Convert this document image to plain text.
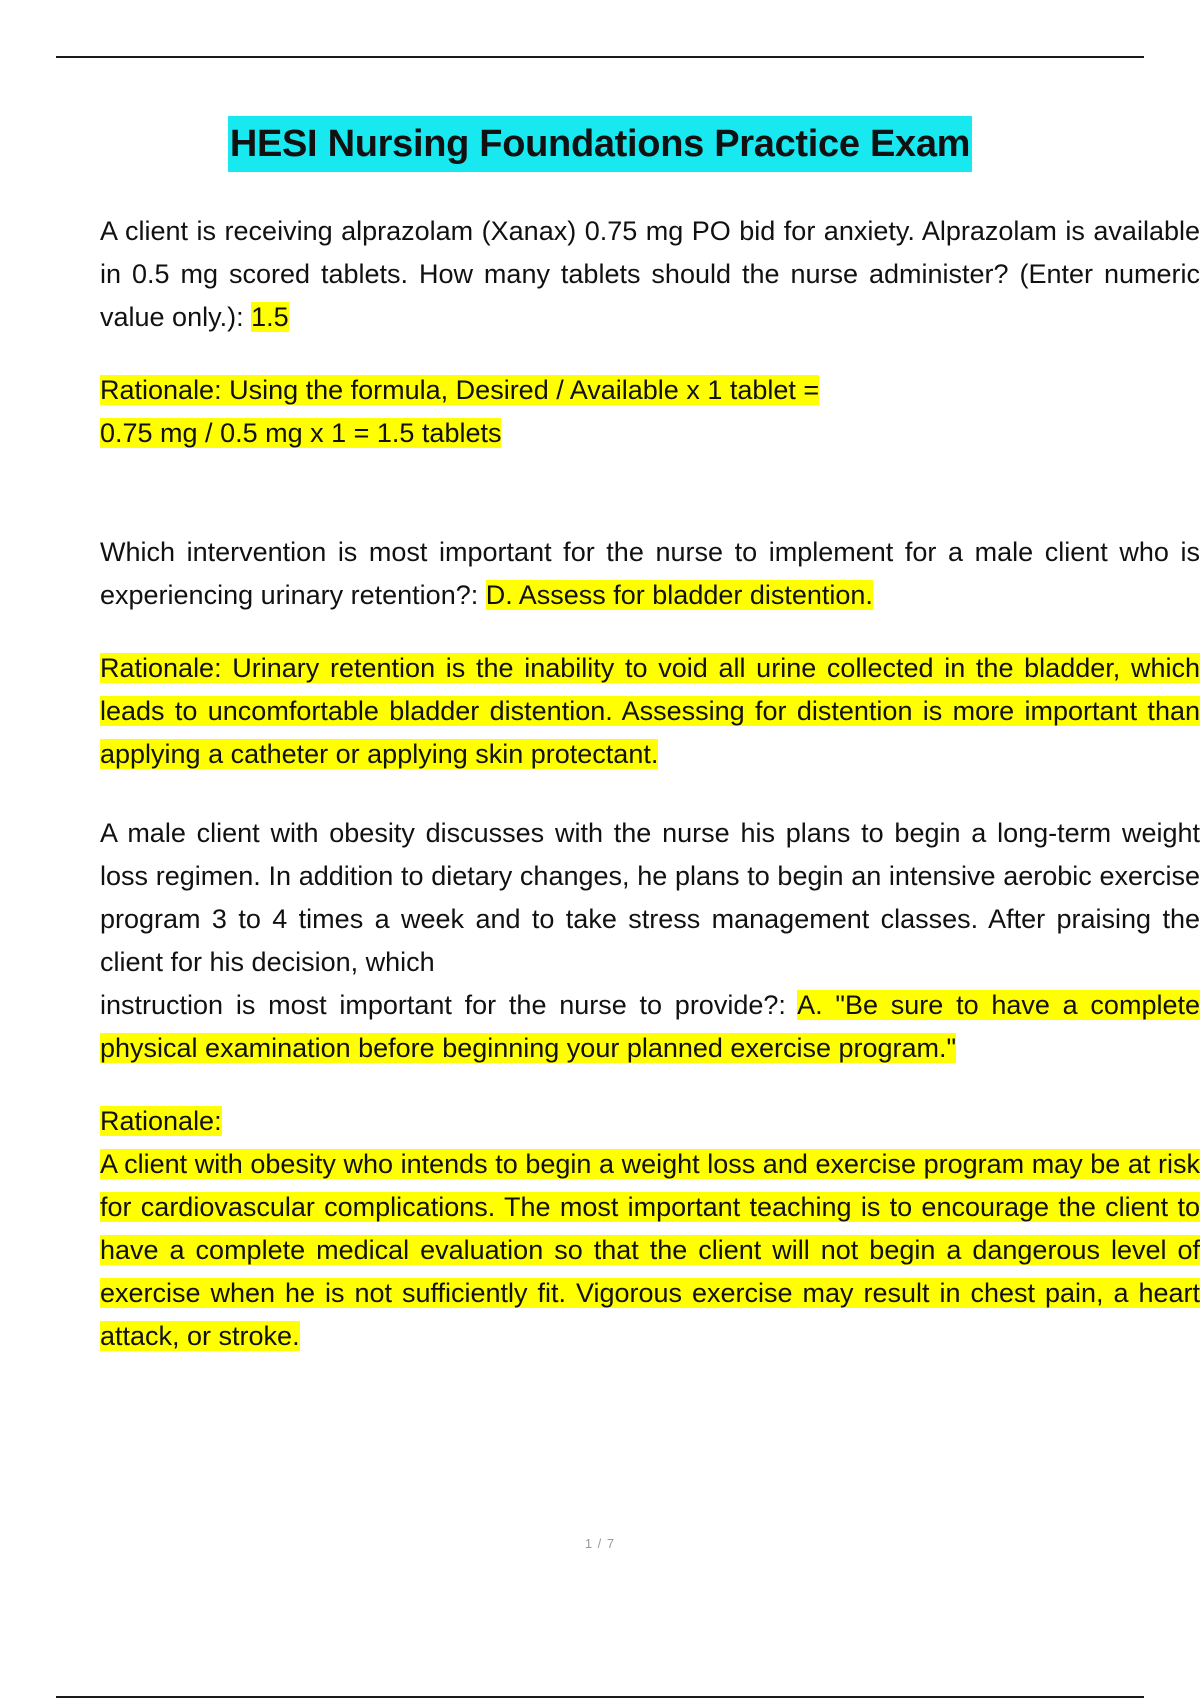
HESI Nursing Foundations Practice Exam

A client is receiving alprazolam (Xanax) 0.75 mg PO bid for anxiety. Alprazolam is available in 0.5 mg scored tablets. How many tablets should the nurse administer? (Enter numeric value only.): 1.5

Rationale: Using the formula, Desired / Available x 1 tablet =
0.75 mg / 0.5 mg x 1 = 1.5 tablets

Which intervention is most important for the nurse to implement for a male client who is experiencing urinary retention?: D. Assess for bladder distention.

Rationale: Urinary retention is the inability to void all urine collected in the bladder, which leads to uncomfortable bladder distention. Assessing for distention is more important than applying a catheter or applying skin protectant.

A male client with obesity discusses with the nurse his plans to begin a long-term weight loss regimen. In addition to dietary changes, he plans to begin an intensive aerobic exercise program 3 to 4 times a week and to take stress management classes. After praising the client for his decision, which

instruction is most important for the nurse to provide?: A. "Be sure to have a complete physical examination before beginning your planned exercise program."

Rationale:

A client with obesity who intends to begin a weight loss and exercise program may be at risk for cardiovascular complications. The most important teaching is to encourage the client to have a complete medical evaluation so that the client will not begin a dangerous level of exercise when he is not sufficiently fit. Vigorous exercise may result in chest pain, a heart attack, or stroke.

1 / 7
